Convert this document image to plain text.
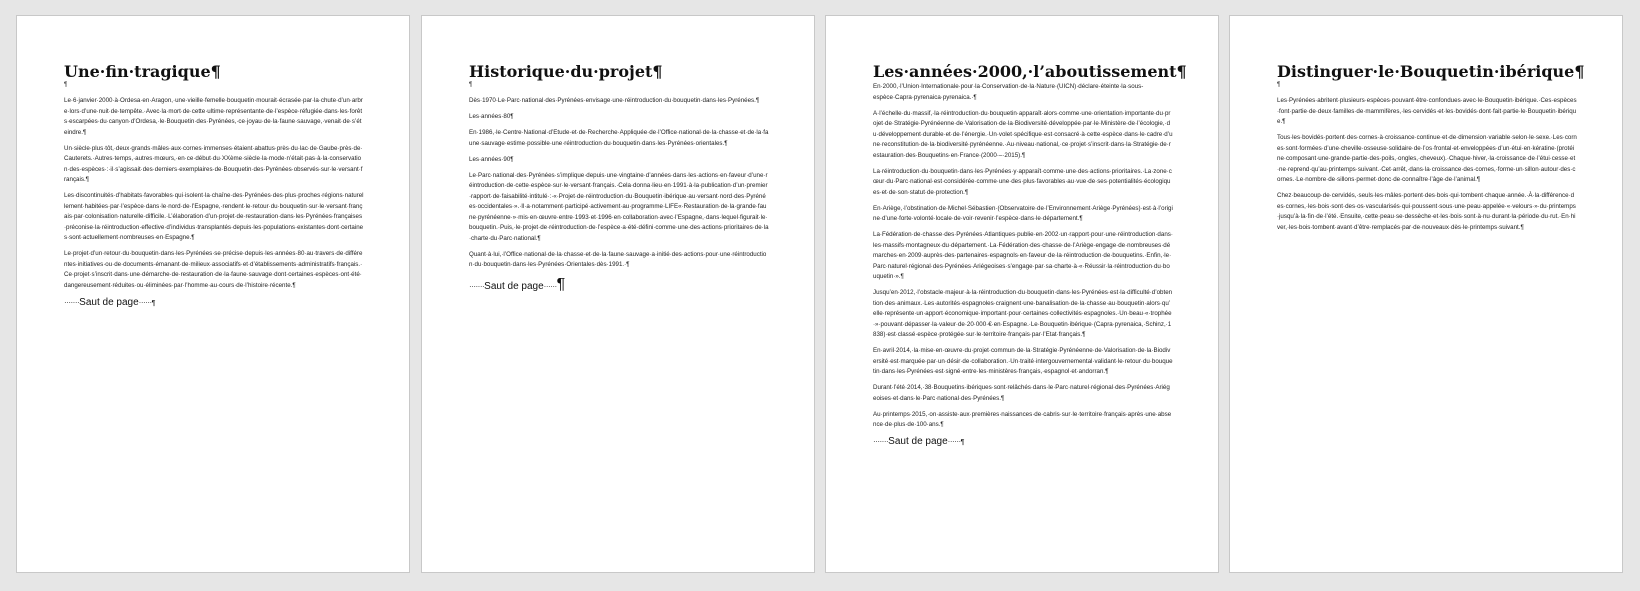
Une·fin·tragique¶
¶

Le·6·janvier·2000·à·Ordesa·en·Aragon,·une·vieille·femelle·bouquetin·mourait·écrasée·par·la·chute·d’un·arbre·lors·d’une·nuit·de·tempête.·Avec·la·mort·de·cette·ultime·représentante·de·l’espèce·réfugiée·dans·les·forêts·escarpées·du·canyon·d’Ordesa,·le·Bouquetin·des·Pyrénées,·ce·joyau·de·la·faune·sauvage,·venait·de·s’éteindre.¶

Un·siècle·plus·tôt,·deux·grands·mâles·aux·cornes·immenses·étaient·abattus·près·du·lac·de·Gaube·près·de·Cauterets.·Autres·temps,·autres·mœurs,·en·ce·début·du·XXème·siècle·la·mode·n’était·pas·à·la·conservation·des·espèces·:·il·s’agissait·des·derniers·exemplaires·de·Bouquetin·des·Pyrénées·observés·sur·le·versant·français.¶

Les·discontinuités·d’habitats·favorables·qui·isolent·la·chaîne·des·Pyrénées·des·plus·proches·régions·naturellement·habitées·par·l’espèce·dans·le·nord·de·l’Espagne,·rendent·le·retour·du·bouquetin·sur·le·versant·français·par·colonisation·naturelle·difficile.·L’élaboration·d’un·projet·de·restauration·dans·les·Pyrénées·françaises·préconise·la·réintroduction·effective·d’individus·transplantés·depuis·les·populations·existantes·dont·certaines·sont·actuellement·nombreuses·en·Espagne.¶

Le·projet·d’un·retour·du·bouquetin·dans·les·Pyrénées·se·précise·depuis·les·années·80·au·travers·de·différentes·initiatives·ou·de·documents·émanant·de·milieux·associatifs·et·d’établissements·administratifs·français.·Ce·projet·s’inscrit·dans·une·démarche·de·restauration·de·la·faune·sauvage·dont·certaines·espèces·ont·été·dangereusement·réduites·ou·éliminées·par·l’homme·au·cours·de·l’histoire·récente.¶

·······Saut de page······¶
Historique·du·projet¶
¶

Dès·1970·Le·Parc·national·des·Pyrénées·envisage·une·réintroduction·du·bouquetin·dans·les·Pyrénées.¶

Les·années·80¶

En·1986,·le·Centre·National·d’Etude·et·de·Recherche·Appliquée·de·l’Office·national·de·la·chasse·et·de·la·faune·sauvage·estime·possible·une·réintroduction·du·bouquetin·dans·les·Pyrénées·orientales.¶

Les·années·90¶

Le·Parc·national·des·Pyrénées·s’implique·depuis·une·vingtaine·d’années·dans·les·actions·en·faveur·d’une·réintroduction·de·cette·espèce·sur·le·versant·français.·Cela·donna·lieu·en·1991·à·la·publication·d’un·premier·rapport·de·faisabilité·intitulé·:·«·Projet·de·réintroduction·du·Bouquetin·ibérique·au·versant·nord·des·Pyrénées·occidentales·».·Il·a·notamment·participé·activement·au·programme·LIFE«·Restauration·de·la·grande·faune·pyrénéenne·»·mis·en·œuvre·entre·1993·et·1996·en·collaboration·avec·l’Espagne,·dans·lequel·figurait·le·bouquetin.·Puis,·le·projet·de·réintroduction·de·l’espèce·a·été·défini·comme·une·des·actions·prioritaires·de·la·charte·du·Parc·national.¶

Quant·à·lui,·l’Office·national·de·la·chasse·et·de·la·faune·sauvage·a·initié·des·actions·pour·une·réintroduction·du·bouquetin·dans·les·Pyrénées·Orientales·dès·1991.·¶

·······Saut de page······¶
Les·années·2000,·l’aboutissement¶

En·2000,·l’Union·Internationale·pour·la·Conservation·de·la·Nature·(UICN)·déclare·éteinte·la·sous-espèce·Capra·pyrenaica·pyrenaica.·¶

A·l’échelle·du·massif,·la·réintroduction·du·bouquetin·apparaît·alors·comme·une·orientation·importante·du·projet·de·Stratégie·Pyrénéenne·de·Valorisation·de·la·Biodiversité·développée·par·le·Ministère·de·l’écologie,·du·développement·durable·et·de·l’énergie.·Un·volet·spécifique·est·consacré·à·cette·espèce·dans·le·cadre·d’une·reconstitution·de·la·biodiversité·pyrénéenne.·Au·niveau·national,·ce·projet·s’inscrit·dans·la·Stratégie·de·restauration·des·Bouquetins·en·France·(2000·–·2015).¶

La·réintroduction·du·bouquetin·dans·les·Pyrénées·y·apparaît·comme·une·des·actions·prioritaires.·La·zone·cœur·du·Parc·national·est·considérée·comme·une·des·plus·favorables·au·vue·de·ses·potentialités·écologiques·et·de·son·statut·de·protection.¶

En·Ariège,·l’obstination·de·Michel·Sébastien·(Observatoire·de·l’Environnement·Ariège·Pyrénées)·est·à·l’origine·d’une·forte·volonté·locale·de·voir·revenir·l’espèce·dans·le·département.¶

La·Fédération·de·chasse·des·Pyrénées·Atlantiques·publie·en·2002·un·rapport·pour·une·réintroduction·dans·les·massifs·montagneux·du·département.·La·Fédération·des·chasse·de·l’Ariège·engage·de·nombreuses·démarches·en·2009·auprès·des·partenaires·espagnols·en·faveur·de·la·réintroduction·de·bouquetins.·Enfin,·le·Parc·naturel·régional·des·Pyrénées·Ariégeoises·s’engage·par·sa·charte·à·«·Réussir·la·réintroduction·du·bouquetin·».¶

Jusqu’en·2012,·l’obstacle·majeur·à·la·réintroduction·du·bouquetin·dans·les·Pyrénées·est·la·difficulté·d’obtention·des·animaux.·Les·autorités·espagnoles·craignent·une·banalisation·de·la·chasse·au·bouquetin·alors·qu’elle·représente·un·apport·économique·important·pour·certaines·collectivités·espagnoles.·Un·beau·«·trophée·»·pouvant·dépasser·la·valeur·de·20·000·€·en·Espagne.·Le·Bouquetin·ibérique·(Capra·pyrenaica,·Schinz,·1838)·est·classé·espèce·protégée·sur·le·territoire·français·par·l’Etat·français.¶

En·avril·2014,·la·mise·en·œuvre·du·projet·commun·de·la·Stratégie·Pyrénéenne·de·Valorisation·de·la·Biodiversité·est·marquée·par·un·désir·de·collaboration.·Un·traité·intergouvernemental·validant·le·retour·du·bouquetin·dans·les·Pyrénées·est·signé·entre·les·ministères·français,·espagnol·et·andorran.¶

Durant·l’été·2014,·38·Bouquetins·ibériques·sont·relâchés·dans·le·Parc·naturel·régional·des·Pyrénées·Ariégeoises·et·dans·le·Parc·national·des·Pyrénées.¶

Au·printemps·2015,·on·assiste·aux·premières·naissances·de·cabris·sur·le·territoire·français·après·une·absence·de·plus·de·100·ans.¶

·······Saut de page······¶
Distinguer·le·Bouquetin·ibérique¶
¶

Les·Pyrénées·abritent·plusieurs·espèces·pouvant·être·confondues·avec·le·Bouquetin·ibérique.·Ces·espèces·font·partie·de·deux·familles·de·mammifères,·les·cervidés·et·les·bovidés·dont·fait·partie·le·Bouquetin·ibérique.¶

Tous·les·bovidés·portent·des·cornes·à·croissance·continue·et·de·dimension·variable·selon·le·sexe.·Les·cornes·sont·formées·d’une·cheville·osseuse·solidaire·de·l’os·frontal·et·enveloppées·d’un·étui·en·kératine·(protéine·composant·une·grande·partie·des·poils,·ongles,·cheveux).·Chaque·hiver,·la·croissance·de·l’étui·cesse·et·ne·reprend·qu’au·printemps·suivant.·Cet·arrêt,·dans·la·croissance·des·cornes,·forme·un·sillon·autour·des·cornes.·Le·nombre·de·sillons·permet·donc·de·connaître·l’âge·de·l’animal.¶

Chez·beaucoup·de·cervidés,·seuls·les·mâles·portent·des·bois·qui·tombent·chaque·année.·À·la·différence·des·cornes,·les·bois·sont·des·os·vascularisés·qui·poussent·sous·une·peau·appelée·«·velours·»·du·printemps·jusqu’à·la·fin·de·l’été.·Ensuite,·cette·peau·se·dessèche·et·les·bois·sont·à·nu·durant·la·période·du·rut.·En·hiver,·les·bois·tombent·avant·d’être·remplacés·par·de·nouveaux·dès·le·printemps·suivant.¶
